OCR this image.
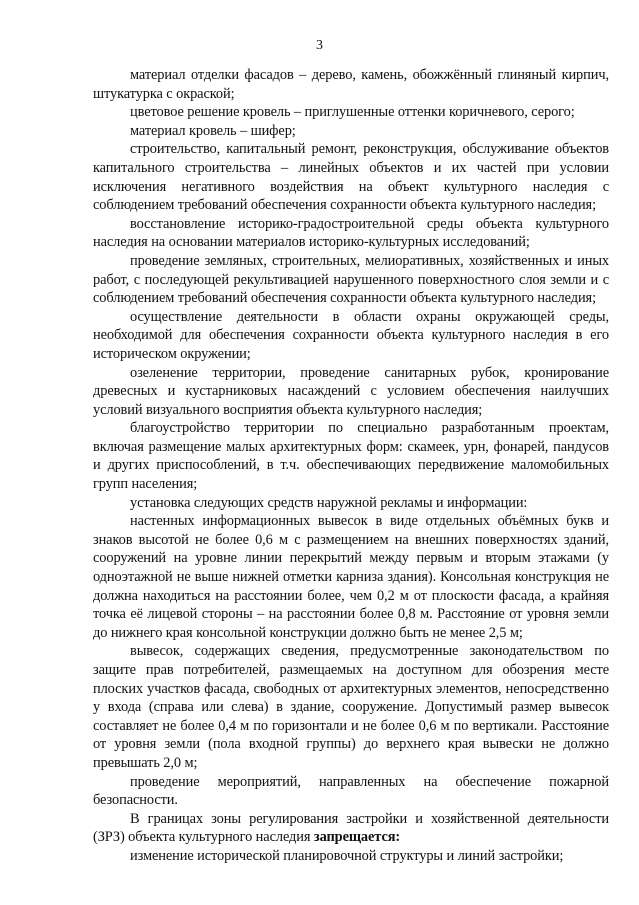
3

материал отделки фасадов – дерево, камень, обожжённый глиняный кирпич, штукатурка с окраской;

цветовое решение кровель – приглушенные оттенки коричневого, серого;

материал кровель – шифер;

строительство, капитальный ремонт, реконструкция, обслуживание объектов капитального строительства – линейных объектов и их частей при условии исключения негативного воздействия на объект культурного наследия с соблюдением требований обеспечения сохранности объекта культурного наследия;

восстановление историко-градостроительной среды объекта культурного наследия на основании материалов историко-культурных исследований;

проведение земляных, строительных, мелиоративных, хозяйственных и иных работ, с последующей рекультивацией нарушенного поверхностного слоя земли и с соблюдением требований обеспечения сохранности объекта культурного наследия;

осуществление деятельности в области охраны окружающей среды, необходимой для обеспечения сохранности объекта культурного наследия в его историческом окружении;

озеленение территории, проведение санитарных рубок, кронирование древесных и кустарниковых насаждений с условием обеспечения наилучших условий визуального восприятия объекта культурного наследия;

благоустройство территории по специально разработанным проектам, включая размещение малых архитектурных форм: скамеек, урн, фонарей, пандусов и других приспособлений, в т.ч. обеспечивающих передвижение маломобильных групп населения;

установка следующих средств наружной рекламы и информации:

настенных информационных вывесок в виде отдельных объёмных букв и знаков высотой не более 0,6 м с размещением на внешних поверхностях зданий, сооружений на уровне линии перекрытий между первым и вторым этажами (у одноэтажной не выше нижней отметки карниза здания). Консольная конструкция не должна находиться на расстоянии более, чем 0,2 м от плоскости фасада, а крайняя точка её лицевой стороны – на расстоянии более 0,8 м. Расстояние от уровня земли до нижнего края консольной конструкции должно быть не менее 2,5 м;

вывесок, содержащих сведения, предусмотренные законодательством по защите прав потребителей, размещаемых на доступном для обозрения месте плоских участков фасада, свободных от архитектурных элементов, непосредственно у входа (справа или слева) в здание, сооружение. Допустимый размер вывесок составляет не более 0,4 м по горизонтали и не более 0,6 м по вертикали. Расстояние от уровня земли (пола входной группы) до верхнего края вывески не должно превышать 2,0 м;

проведение мероприятий, направленных на обеспечение пожарной безопасности.

В границах зоны регулирования застройки и хозяйственной деятельности (ЗРЗ) объекта культурного наследия запрещается:

изменение исторической планировочной структуры и линий застройки;
